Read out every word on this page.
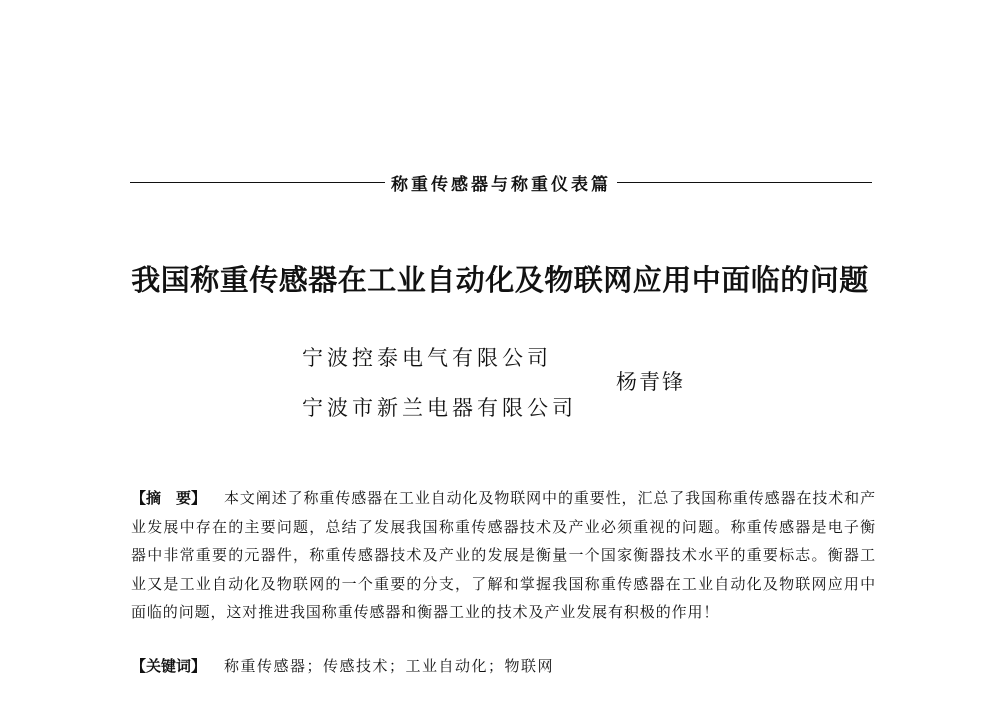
称重传感器与称重仪表篇
我国称重传感器在工业自动化及物联网应用中面临的问题
宁波控泰电气有限公司
宁波市新兰电器有限公司
杨青锋
【摘　要】 本文阐述了称重传感器在工业自动化及物联网中的重要性，汇总了我国称重传感器在技术和产业发展中存在的主要问题，总结了发展我国称重传感器技术及产业必须重视的问题。称重传感器是电子衡器中非常重要的元器件，称重传感器技术及产业的发展是衡量一个国家衡器技术水平的重要标志。衡器工业又是工业自动化及物联网的一个重要的分支，了解和掌握我国称重传感器在工业自动化及物联网应用中面临的问题，这对推进我国称重传感器和衡器工业的技术及产业发展有积极的作用！
【关键词】 称重传感器；传感技术；工业自动化；物联网
